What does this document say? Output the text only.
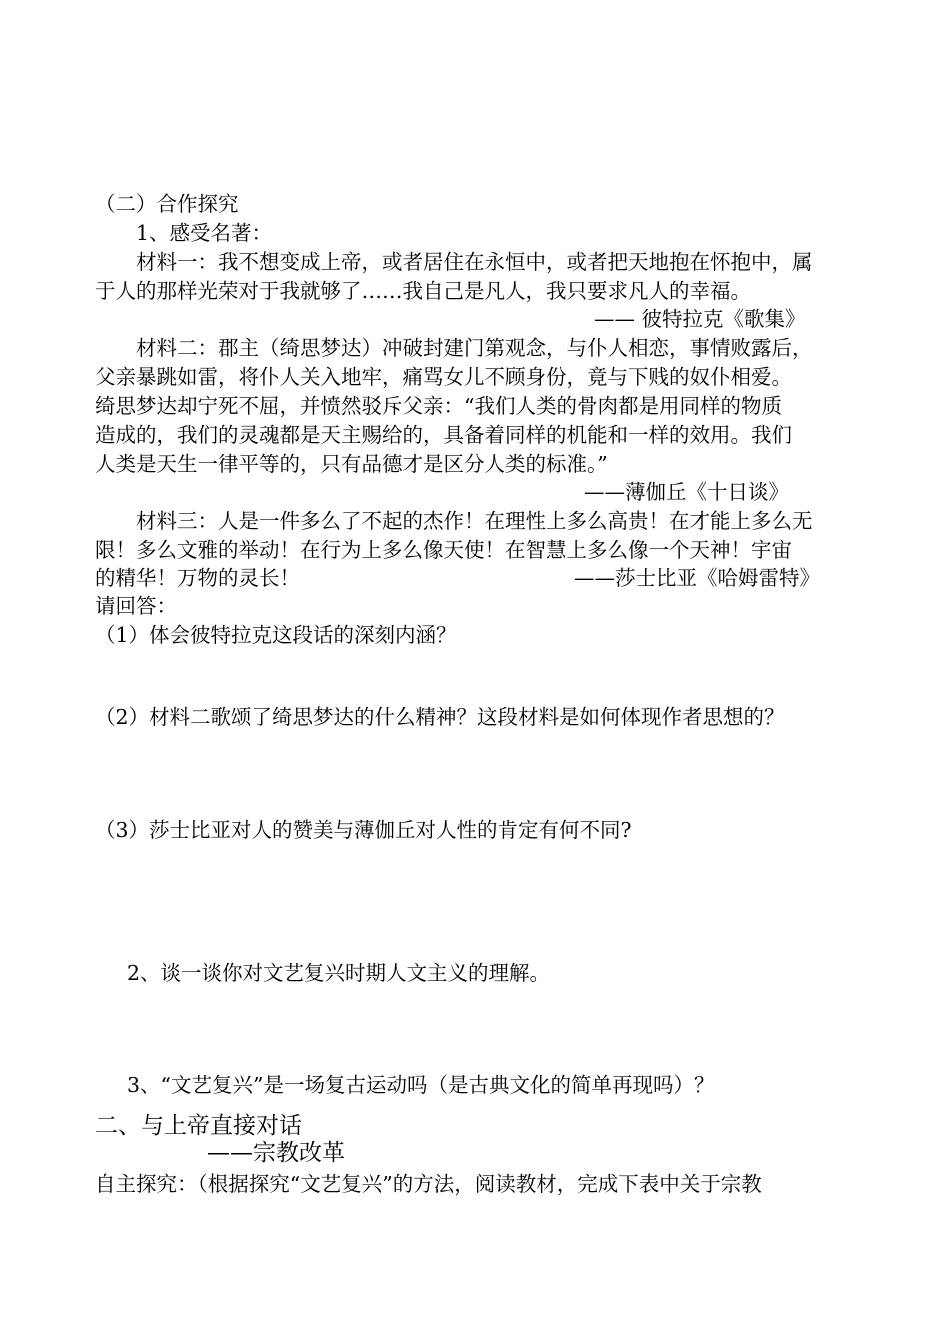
（二）合作探究
1、感受名著：
材料一：我不想变成上帝，或者居住在永恒中，或者把天地抱在怀抱中，属
于人的那样光荣对于我就够了……我自己是凡人，我只要求凡人的幸福。
—— 彼特拉克《歌集》
材料二：郡主（绮思梦达）冲破封建门第观念，与仆人相恋，事情败露后，
父亲暴跳如雷，将仆人关入地牢，痛骂女儿不顾身份，竟与下贱的奴仆相爱。
绮思梦达却宁死不屈，并愤然驳斥父亲：“我们人类的骨肉都是用同样的物质
造成的，我们的灵魂都是天主赐给的，具备着同样的机能和一样的效用。我们
人类是天生一律平等的，只有品德才是区分人类的标准。”
——薄伽丘《十日谈》
材料三：人是一件多么了不起的杰作！在理性上多么高贵！在才能上多么无
限！多么文雅的举动！在行为上多么像天使！在智慧上多么像一个天神！宇宙
的精华！万物的灵长！	——莎士比亚《哈姆雷特》
请回答：
（1）体会彼特拉克这段话的深刻内涵？
（2）材料二歌颂了绮思梦达的什么精神？这段材料是如何体现作者思想的？
（3）莎士比亚对人的赞美与薄伽丘对人性的肯定有何不同?
2、谈一谈你对文艺复兴时期人文主义的理解。
3、“文艺复兴”是一场复古运动吗（是古典文化的简单再现吗）？
二、与上帝直接对话
——宗教改革
自主探究：（根据探究“文艺复兴”的方法，阅读教材，完成下表中关于宗教
